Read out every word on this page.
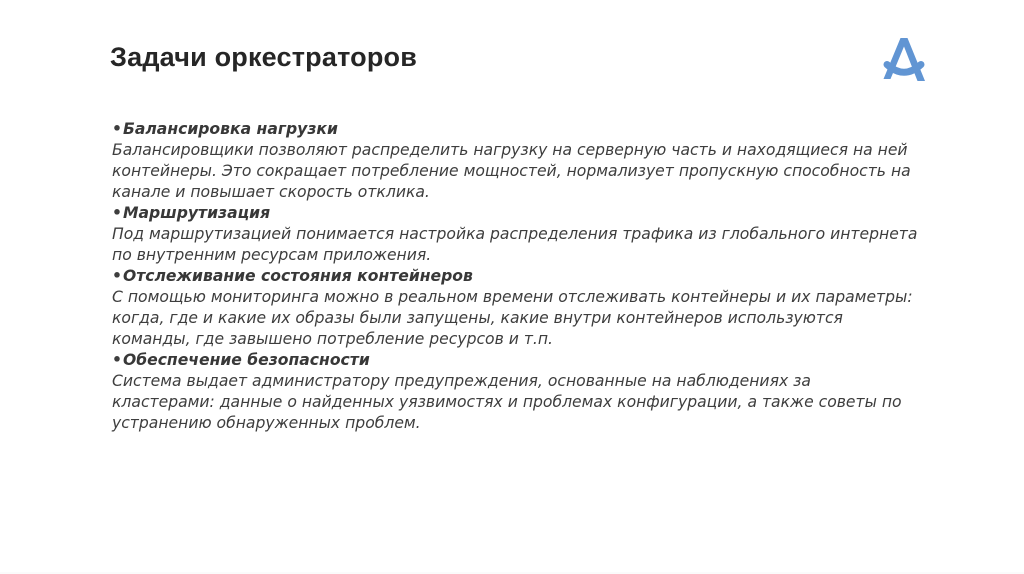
Задачи оркестраторов
•Балансировка нагрузки
Балансировщики позволяют распределить нагрузку на серверную часть и находящиеся на ней контейнеры. Это сокращает потребление мощностей, нормализует пропускную способность на канале и повышает скорость отклика.
•Маршрутизация
Под маршрутизацией понимается настройка распределения трафика из глобального интернета по внутренним ресурсам приложения.
•Отслеживание состояния контейнеров
С помощью мониторинга можно в реальном времени отслеживать контейнеры и их параметры: когда, где и какие их образы были запущены, какие внутри контейнеров используются команды, где завышено потребление ресурсов и т.п.
•Обеспечение безопасности
Система выдает администратору предупреждения, основанные на наблюдениях за кластерами: данные о найденных уязвимостях и проблемах конфигурации, а также советы по устранению обнаруженных проблем.
